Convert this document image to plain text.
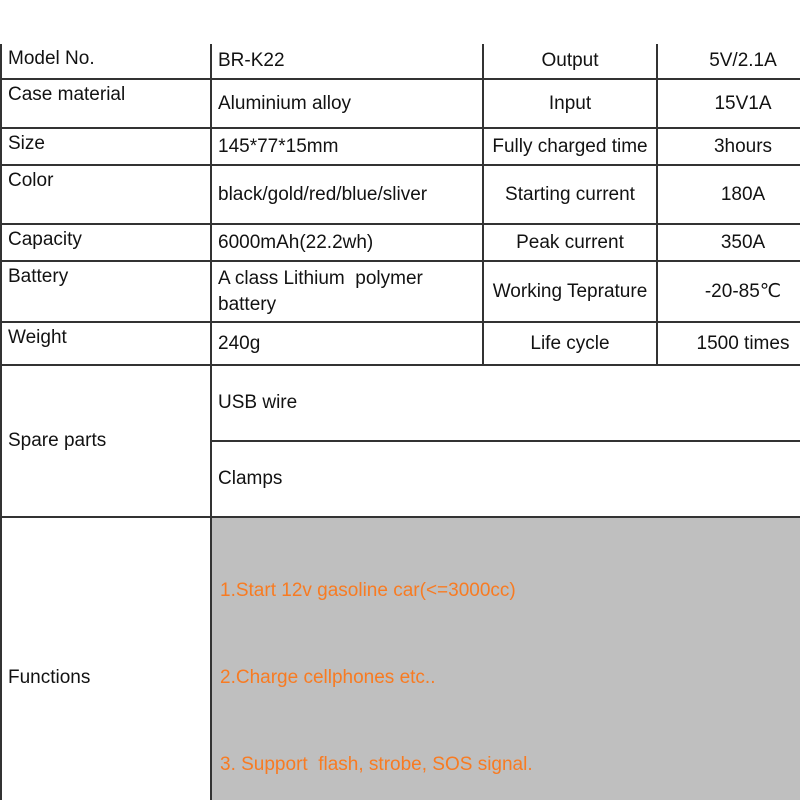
Model No.	BR-K22	Output	5V/2.1A
Case material	Aluminium alloy	Input	15V1A
Size	145*77*15mm	Fully charged time	3hours
Color	black/gold/red/blue/sliver	Starting current	180A
Capacity	6000mAh(22.2wh)	Peak current	350A
Battery	A class Lithium  polymer battery	Working Teprature	-20-85℃
Weight	240g	Life cycle	1500 times
Spare parts	USB wire		
	Clamps		
Functions	1.Start 12v gasoline car(<=3000cc)

2.Charge cellphones etc..

3. Support  flash, strobe, SOS signal.		
